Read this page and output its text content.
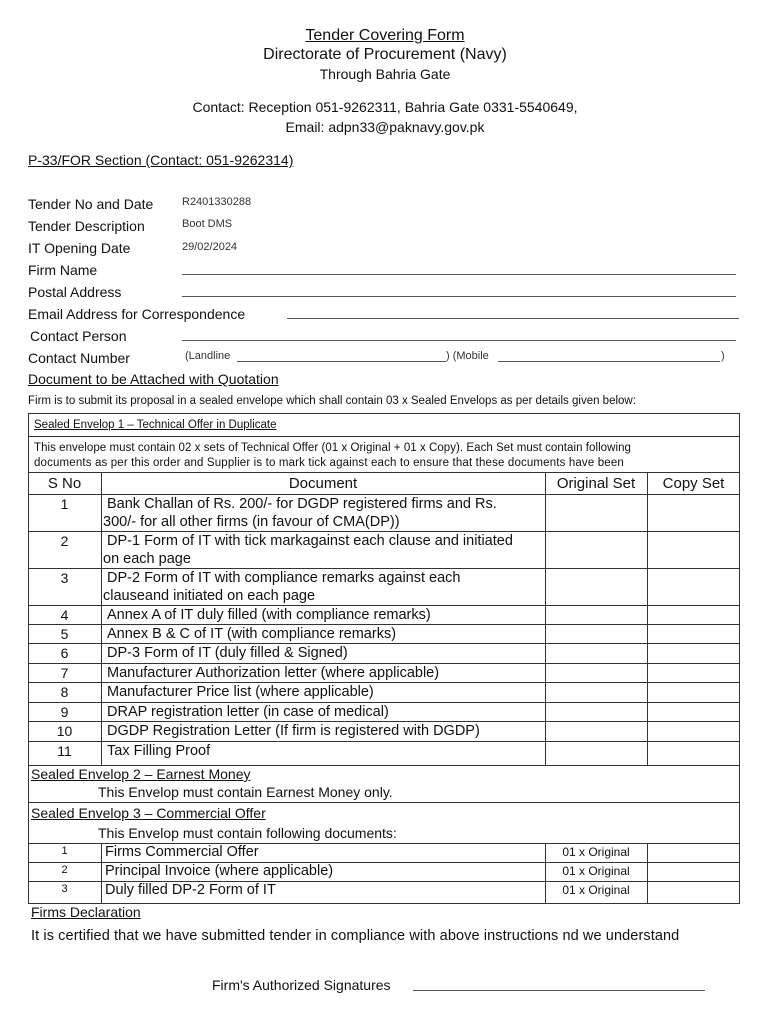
Tender Covering Form
Directorate of Procurement (Navy)
Through Bahria Gate
Contact: Reception 051-9262311, Bahria Gate 0331-5540649,
Email: adpn33@paknavy.gov.pk
P-33/FOR Section (Contact: 051-9262314)
Tender No and Date	R2401330288
Tender Description	Boot DMS
IT Opening Date	29/02/2024
Firm Name
Postal Address
Email Address for Correspondence
Contact Person
Contact Number	(Landline	) (Mobile	)
Document to be Attached with Quotation
Firm is to submit its proposal in a sealed envelope which shall contain 03 x Sealed Envelops as per details given below:
Sealed Envelop 1 – Technical Offer in Duplicate
This envelope must contain 02 x sets of Technical Offer (01 x Original + 01 x Copy). Each Set must contain following
documents as per this order and Supplier is to mark tick against each to ensure that these documents have been
S No	Document	Original Set	Copy Set
1	Bank Challan of Rs. 200/- for DGDP registered firms and Rs.
300/- for all other firms (in favour of CMA(DP))
2	DP-1 Form of IT with tick markagainst each clause and initiated
on each page
3	DP-2 Form of IT with compliance remarks against each
clauseand initiated on each page
4	Annex A of IT duly filled (with compliance remarks)
5	Annex B & C of IT (with compliance remarks)
6	DP-3 Form of IT (duly filled & Signed)
7	Manufacturer Authorization letter (where applicable)
8	Manufacturer Price list (where applicable)
9	DRAP registration letter (in case of medical)
10	DGDP Registration Letter (If firm is registered with DGDP)
11	Tax Filling Proof
Sealed Envelop 2 – Earnest Money
This Envelop must contain Earnest Money only.
Sealed Envelop 3 – Commercial Offer
This Envelop must contain following documents:
1	Firms Commercial Offer	01 x Original
2	Principal Invoice (where applicable)	01 x Original
3	Duly filled DP-2 Form of IT	01 x Original
Firms Declaration
It is certified that we have submitted tender in compliance with above instructions nd we understand
Firm's Authorized Signatures
